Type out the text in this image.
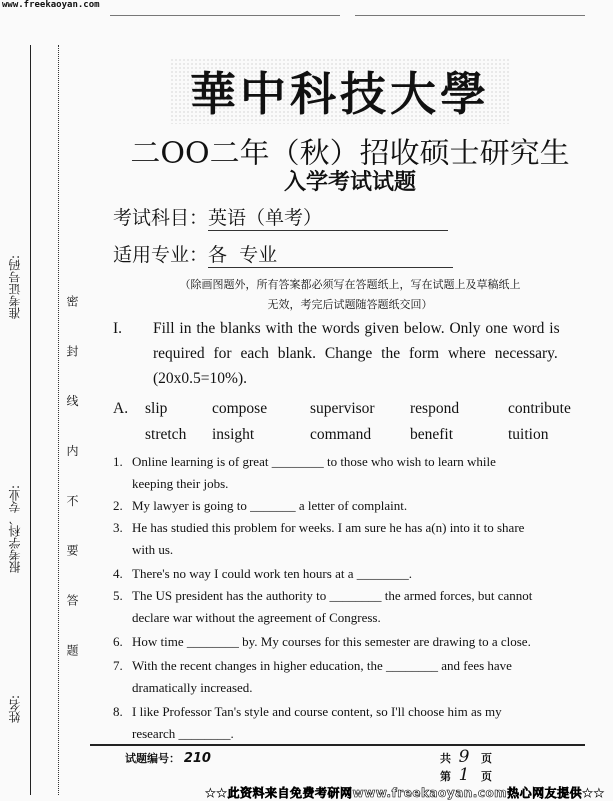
www.freekaoyan.com
准考证号码:
报考学科、专业:
姓名:
密 封 线 内 不 要 答 题
華中科技大學
二OO二年（秋）招收硕士研究生
入学考试试题
考试科目：英语（单考）
适用专业：各  专业
（除画图题外，所有答案都必须写在答题纸上，写在试题上及草稿纸上
无效，考完后试题随答题纸交回）
I. Fill in the blanks with the words given below. Only one word is
required for each blank. Change the form where necessary.
(20x0.5=10%).
A. slip	compose	supervisor respond	contribute
stretch insight	command	benefit	tuition
1. Online learning is of great ________ to those who wish to learn while
keeping their jobs.
2. My lawyer is going to _______ a letter of complaint.
3. He has studied this problem for weeks. I am sure he has a(n) into it to share
with us.
4. There's no way I could work ten hours at a ________.
5. The US president has the authority to ________ the armed forces, but cannot
declare war without the agreement of Congress.
6. How time ________ by. My courses for this semester are drawing to a close.
7. With the recent changes in higher education, the ________ and fees have
dramatically increased.
8. I like Professor Tan's style and course content, so I'll choose him as my
research ________.
试题编号： 210	共 9 页
第 1 页
★★此资料来自免费考研网www.freekaoyan.com热心网友提供★★
